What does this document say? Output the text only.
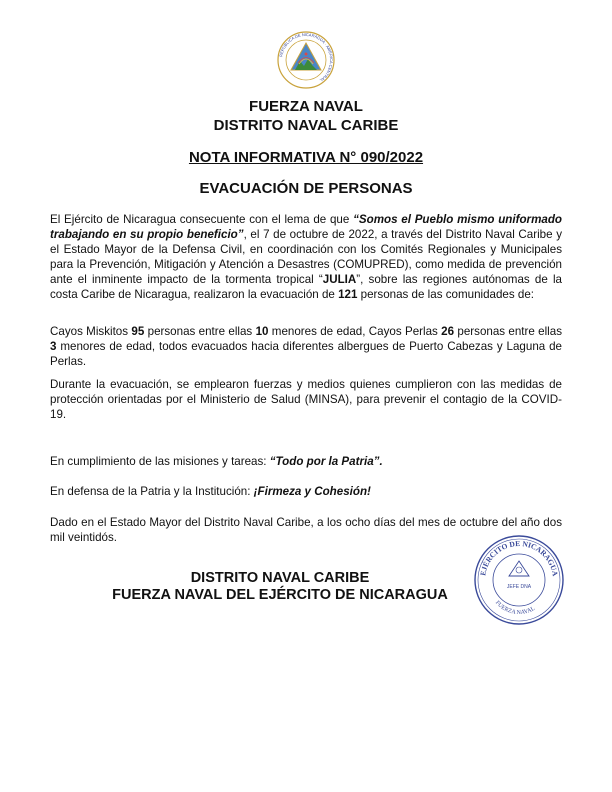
REPÚBLICA DE NICARAGUA · AMÉRICA CENTRAL
FUERZA NAVAL
DISTRITO NAVAL CARIBE
NOTA INFORMATIVA N° 090/2022
EVACUACIÓN DE PERSONAS
El Ejército de Nicaragua consecuente con el lema de que “Somos el Pueblo mismo uniformado trabajando en su propio beneficio”, el 7 de octubre de 2022, a través del Distrito Naval Caribe y el Estado Mayor de la Defensa Civil, en coordinación con los Comités Regionales y Municipales para la Prevención, Mitigación y Atención a Desastres (COMUPRED), como medida de prevención ante el inminente impacto de la tormenta tropical “JULIA”, sobre las regiones autónomas de la costa Caribe de Nicaragua, realizaron la evacuación de 121 personas de las comunidades de:
Cayos Miskitos 95 personas entre ellas 10 menores de edad, Cayos Perlas 26 personas entre ellas 3 menores de edad, todos evacuados hacia diferentes albergues de Puerto Cabezas y Laguna de Perlas.
Durante la evacuación, se emplearon fuerzas y medios quienes cumplieron con las medidas de protección orientadas por el Ministerio de Salud (MINSA), para prevenir el contagio de la COVID-19.
En cumplimiento de las misiones y tareas: “Todo por la Patria”.
En defensa de la Patria y la Institución: ¡Firmeza y Cohesión!
Dado en el Estado Mayor del Distrito Naval Caribe, a los ocho días del mes de octubre del año dos mil veintidós.
DISTRITO NAVAL CARIBE
FUERZA NAVAL DEL EJÉRCITO DE NICARAGUA
EJÉRCITO DE NICARAGUA
FUERZA NAVAL
JEFE DNA
